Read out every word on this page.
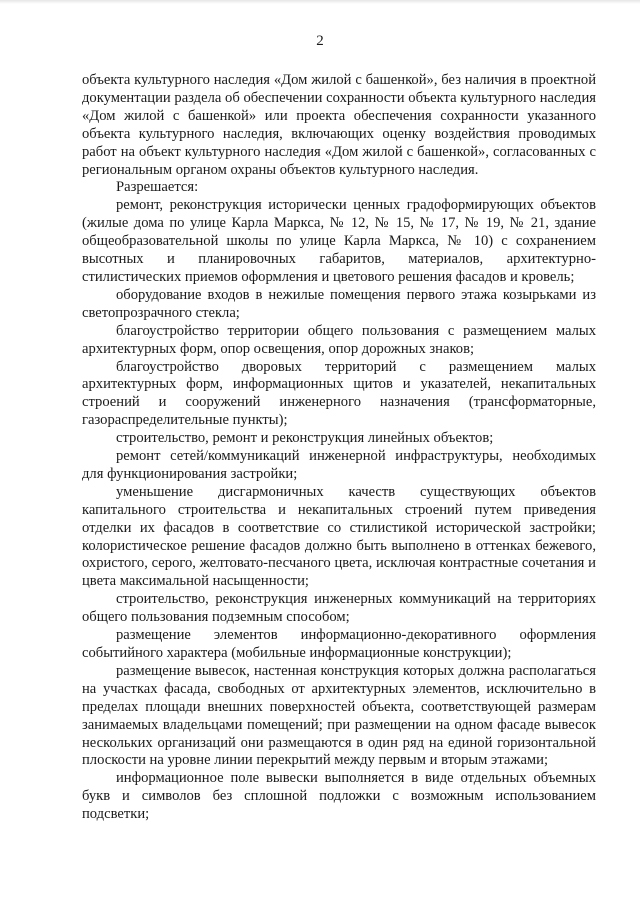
2

объекта культурного наследия «Дом жилой с башенкой», без наличия в проектной документации раздела об обеспечении сохранности объекта культурного наследия «Дом жилой с башенкой» или проекта обеспечения сохранности указанного объекта культурного наследия, включающих оценку воздействия проводимых работ на объект культурного наследия «Дом жилой с башенкой», согласованных с региональным органом охраны объектов культурного наследия.

Разрешается:

ремонт, реконструкция исторически ценных градоформирующих объектов (жилые дома по улице Карла Маркса, № 12, № 15, № 17, № 19, № 21, здание общеобразовательной школы по улице Карла Маркса, № 10) с сохранением высотных и планировочных габаритов, материалов, архитектурно-стилистических приемов оформления и цветового решения фасадов и кровель;

оборудование входов в нежилые помещения первого этажа козырьками из светопрозрачного стекла;

благоустройство территории общего пользования с размещением малых архитектурных форм, опор освещения, опор дорожных знаков;

благоустройство дворовых территорий с размещением малых архитектурных форм, информационных щитов и указателей, некапитальных строений и сооружений инженерного назначения (трансформаторные, газораспределительные пункты);

строительство, ремонт и реконструкция линейных объектов;

ремонт сетей/коммуникаций инженерной инфраструктуры, необходимых для функционирования застройки;

уменьшение дисгармоничных качеств существующих объектов капитального строительства и некапитальных строений путем приведения отделки их фасадов в соответствие со стилистикой исторической застройки; колористическое решение фасадов должно быть выполнено в оттенках бежевого, охристого, серого, желтовато-песчаного цвета, исключая контрастные сочетания и цвета максимальной насыщенности;

строительство, реконструкция инженерных коммуникаций на территориях общего пользования подземным способом;

размещение элементов информационно-декоративного оформления событийного характера (мобильные информационные конструкции);

размещение вывесок, настенная конструкция которых должна располагаться на участках фасада, свободных от архитектурных элементов, исключительно в пределах площади внешних поверхностей объекта, соответствующей размерам занимаемых владельцами помещений; при размещении на одном фасаде вывесок нескольких организаций они размещаются в один ряд на единой горизонтальной плоскости на уровне линии перекрытий между первым и вторым этажами;

информационное поле вывески выполняется в виде отдельных объемных букв и символов без сплошной подложки с возможным использованием подсветки;
